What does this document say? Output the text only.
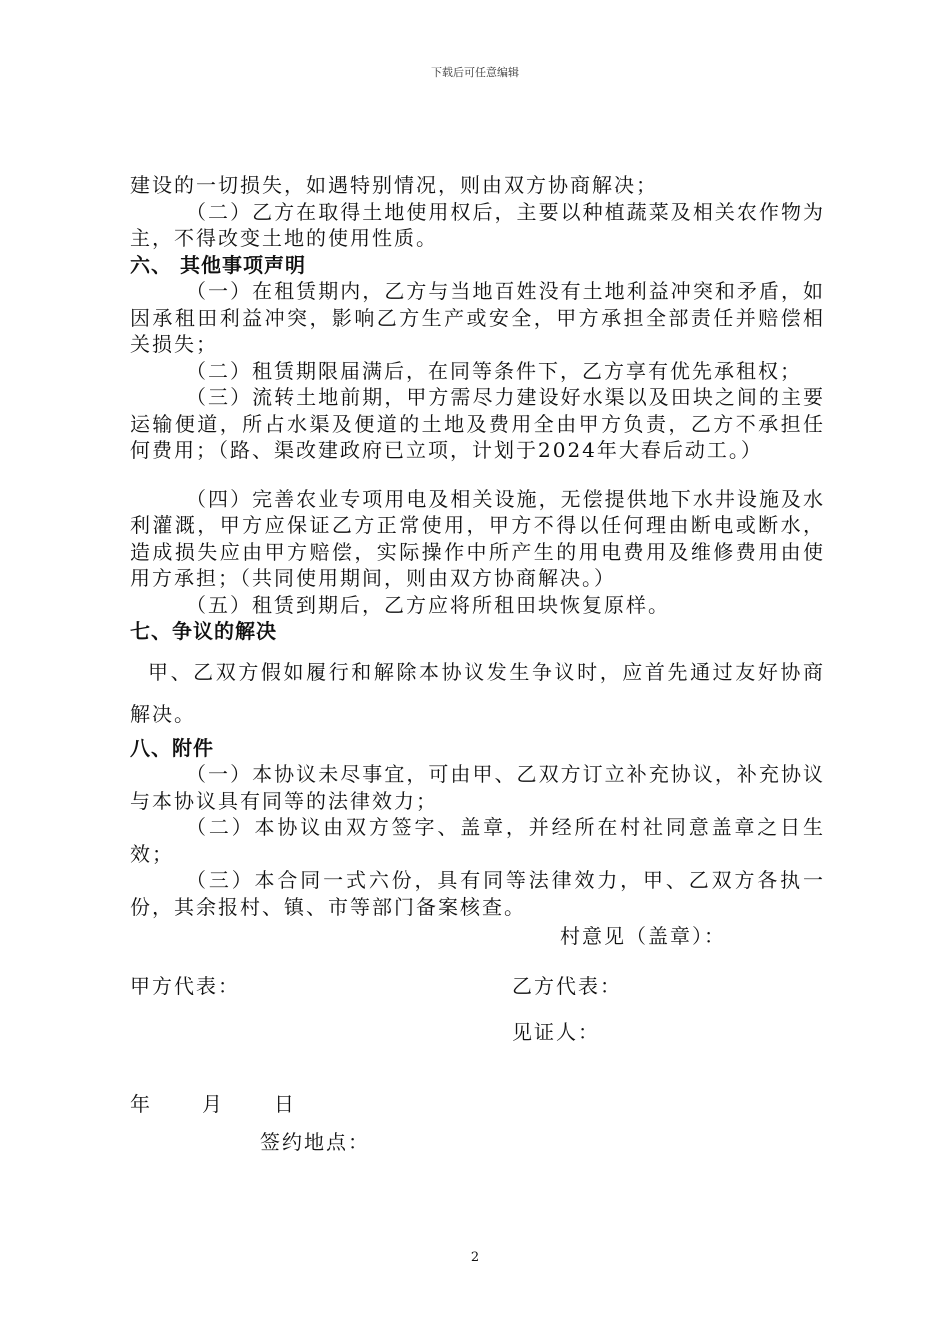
下载后可任意编辑

建设的一切损失，如遇特别情况，则由双方协商解决；

（二）乙方在取得土地使用权后，主要以种植蔬菜及相关农作物为主，不得改变土地的使用性质。

六、 其他事项声明

（一）在租赁期内，乙方与当地百姓没有土地利益冲突和矛盾，如因承租田利益冲突，影响乙方生产或安全，甲方承担全部责任并赔偿相关损失；

（二）租赁期限届满后，在同等条件下，乙方享有优先承租权；

（三）流转土地前期，甲方需尽力建设好水渠以及田块之间的主要运输便道，所占水渠及便道的土地及费用全由甲方负责，乙方不承担任何费用；（路、渠改建政府已立项，计划于2024年大春后动工。）

（四）完善农业专项用电及相关设施，无偿提供地下水井设施及水利灌溉，甲方应保证乙方正常使用，甲方不得以任何理由断电或断水，造成损失应由甲方赔偿，实际操作中所产生的用电费用及维修费用由使用方承担；（共同使用期间，则由双方协商解决。）

（五）租赁到期后，乙方应将所租田块恢复原样。

七、争议的解决

甲、乙双方假如履行和解除本协议发生争议时，应首先通过友好协商解决。

八、附件

（一）本协议未尽事宜，可由甲、乙双方订立补充协议，补充协议与本协议具有同等的法律效力；

（二）本协议由双方签字、盖章，并经所在村社同意盖章之日生效；

（三）本合同一式六份，具有同等法律效力，甲、乙双方各执一份，其余报村、镇、市等部门备案核查。

村意见（盖章）：
甲方代表：	乙方代表：
见证人：
年	月	日
签约地点：
2
